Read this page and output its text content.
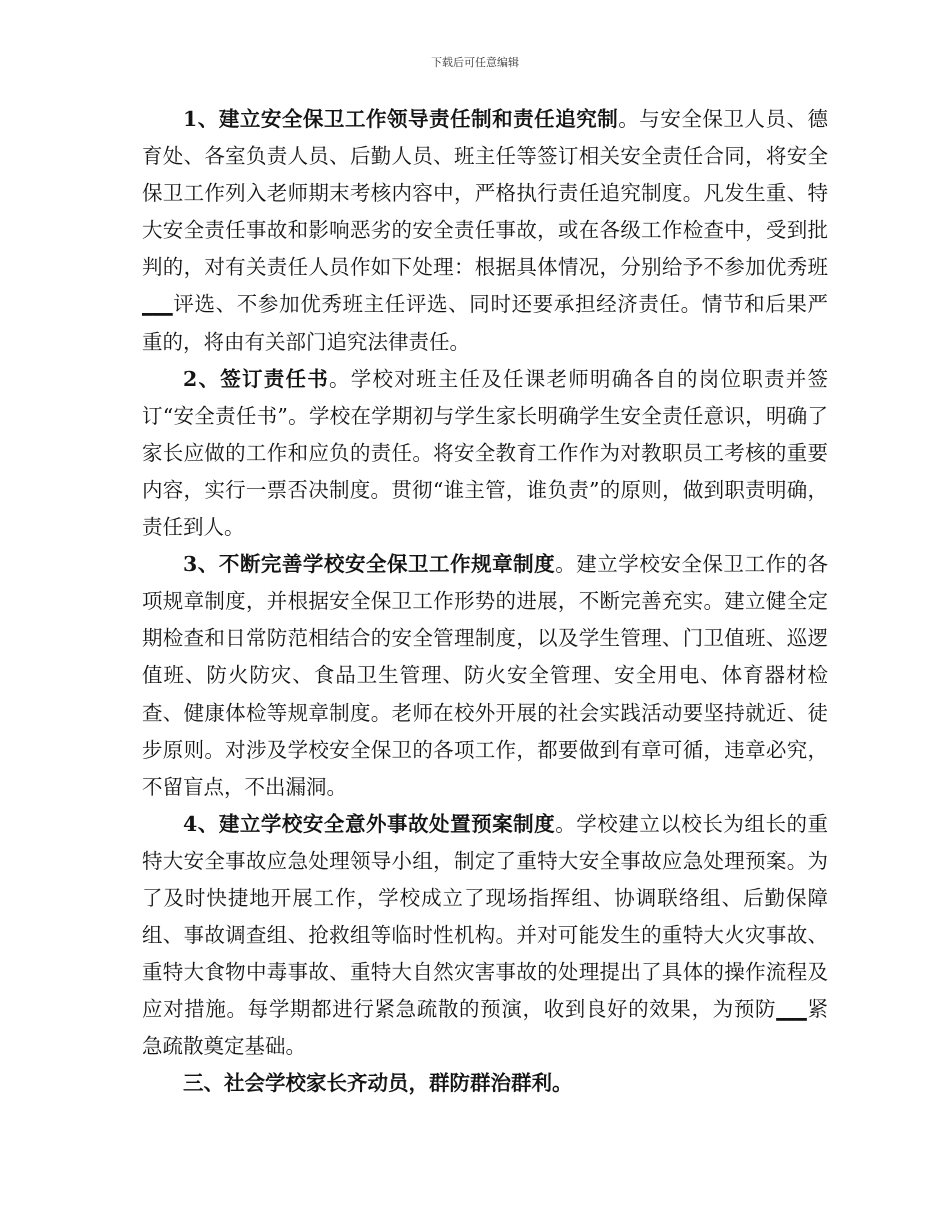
下载后可任意编辑

1、建立安全保卫工作领导责任制和责任追究制。与安全保卫人员、德育处、各室负责人员、后勤人员、班主任等签订相关安全责任合同，将安全保卫工作列入老师期末考核内容中，严格执行责任追究制度。凡发生重、特大安全责任事故和影响恶劣的安全责任事故，或在各级工作检查中，受到批判的，对有关责任人员作如下处理：根据具体情况，分别给予不参加优秀班___评选、不参加优秀班主任评选、同时还要承担经济责任。情节和后果严重的，将由有关部门追究法律责任。

2、签订责任书。学校对班主任及任课老师明确各自的岗位职责并签订“安全责任书”。学校在学期初与学生家长明确学生安全责任意识，明确了家长应做的工作和应负的责任。将安全教育工作作为对教职员工考核的重要内容，实行一票否决制度。贯彻“谁主管，谁负责”的原则，做到职责明确，责任到人。

3、不断完善学校安全保卫工作规章制度。建立学校安全保卫工作的各项规章制度，并根据安全保卫工作形势的进展，不断完善充实。建立健全定期检查和日常防范相结合的安全管理制度，以及学生管理、门卫值班、巡逻值班、防火防灾、食品卫生管理、防火安全管理、安全用电、体育器材检查、健康体检等规章制度。老师在校外开展的社会实践活动要坚持就近、徒步原则。对涉及学校安全保卫的各项工作，都要做到有章可循，违章必究，不留盲点，不出漏洞。

4、建立学校安全意外事故处置预案制度。学校建立以校长为组长的重特大安全事故应急处理领导小组，制定了重特大安全事故应急处理预案。为了及时快捷地开展工作，学校成立了现场指挥组、协调联络组、后勤保障组、事故调查组、抢救组等临时性机构。并对可能发生的重特大火灾事故、重特大食物中毒事故、重特大自然灾害事故的处理提出了具体的操作流程及应对措施。每学期都进行紧急疏散的预演，收到良好的效果，为预防___紧急疏散奠定基础。

三、社会学校家长齐动员，群防群治群利。
